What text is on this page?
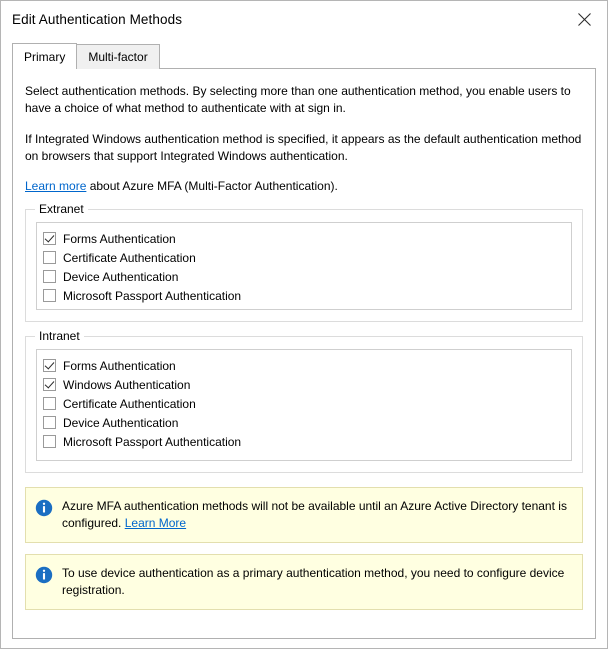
Edit Authentication Methods
Primary Multi-factor

Select authentication methods. By selecting more than one authentication method, you enable users to have a choice of what method to authenticate with at sign in.

If Integrated Windows authentication method is specified, it appears as the default authentication method on browsers that support Integrated Windows authentication.

Learn more about Azure MFA (Multi-Factor Authentication).
Extranet
Forms Authentication
Certificate Authentication
Device Authentication
Microsoft Passport Authentication
Intranet
Forms Authentication
Windows Authentication
Certificate Authentication
Device Authentication
Microsoft Passport Authentication
Azure MFA authentication methods will not be available until an Azure Active Directory tenant is configured. Learn More
To use device authentication as a primary authentication method, you need to configure device registration.
